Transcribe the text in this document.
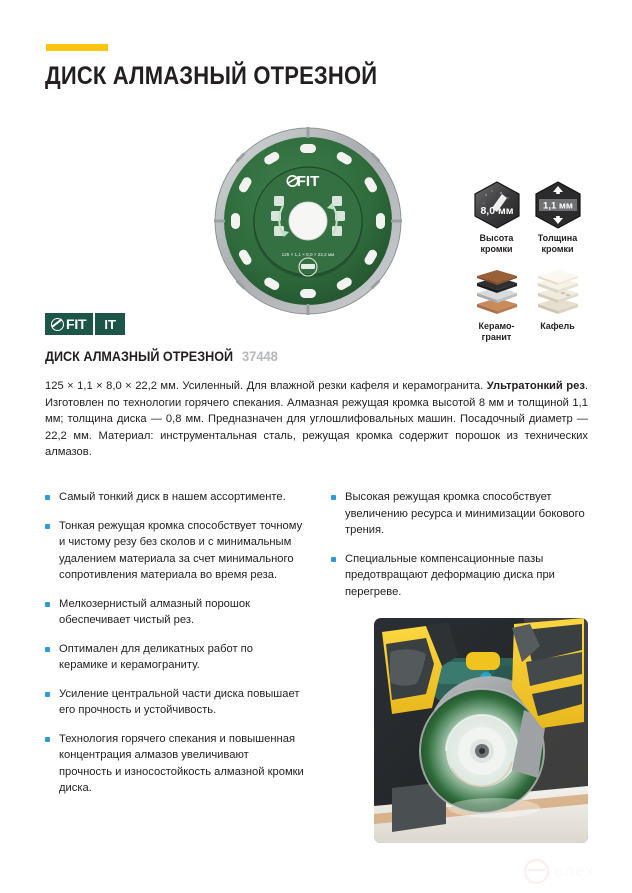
ДИСК АЛМАЗНЫЙ ОТРЕЗНОЙ
FIT
125 × 1,1 × 8,0 × 22,2 мм
8,0 мм
Высота
кромки
1,1 мм
Толщина
кромки
Керамо-
гранит
Кафель
FIT	IT
ДИСК АЛМАЗНЫЙ ОТРЕЗНОЙ 37448
125 × 1,1 × 8,0 × 22,2 мм. Усиленный. Для влажной резки кафеля и керамогранита. Ультратонкий рез. Изготовлен по технологии горячего спекания. Алмазная режущая кромка высотой 8 мм и толщиной 1,1 мм; толщина диска — 0,8 мм. Предназначен для углошлифовальных машин. Посадочный диаметр — 22,2 мм. Материал: инструментальная сталь, режущая кромка содержит порошок из технических алмазов.
Самый тонкий диск в нашем ассортименте.
Тонкая режущая кромка способствует точному и чистому резу без сколов и с минимальным удалением материала за счет минимального сопротивления материала во время реза.
Мелкозернистый алмазный порошок обеспечивает чистый рез.
Оптимален для деликатных работ по керамике и керамограниту.
Усиление центральной части диска повышает его прочность и устойчивость.
Технология горячего спекания и повышенная концентрация алмазов увеличивают прочность и износостойкость алмазной кромки диска.
Высокая режущая кромка способствует увеличению ресурса и минимизации бокового трения.
Специальные компенсационные пазы предотвращают деформацию диска при перегреве.
enex
